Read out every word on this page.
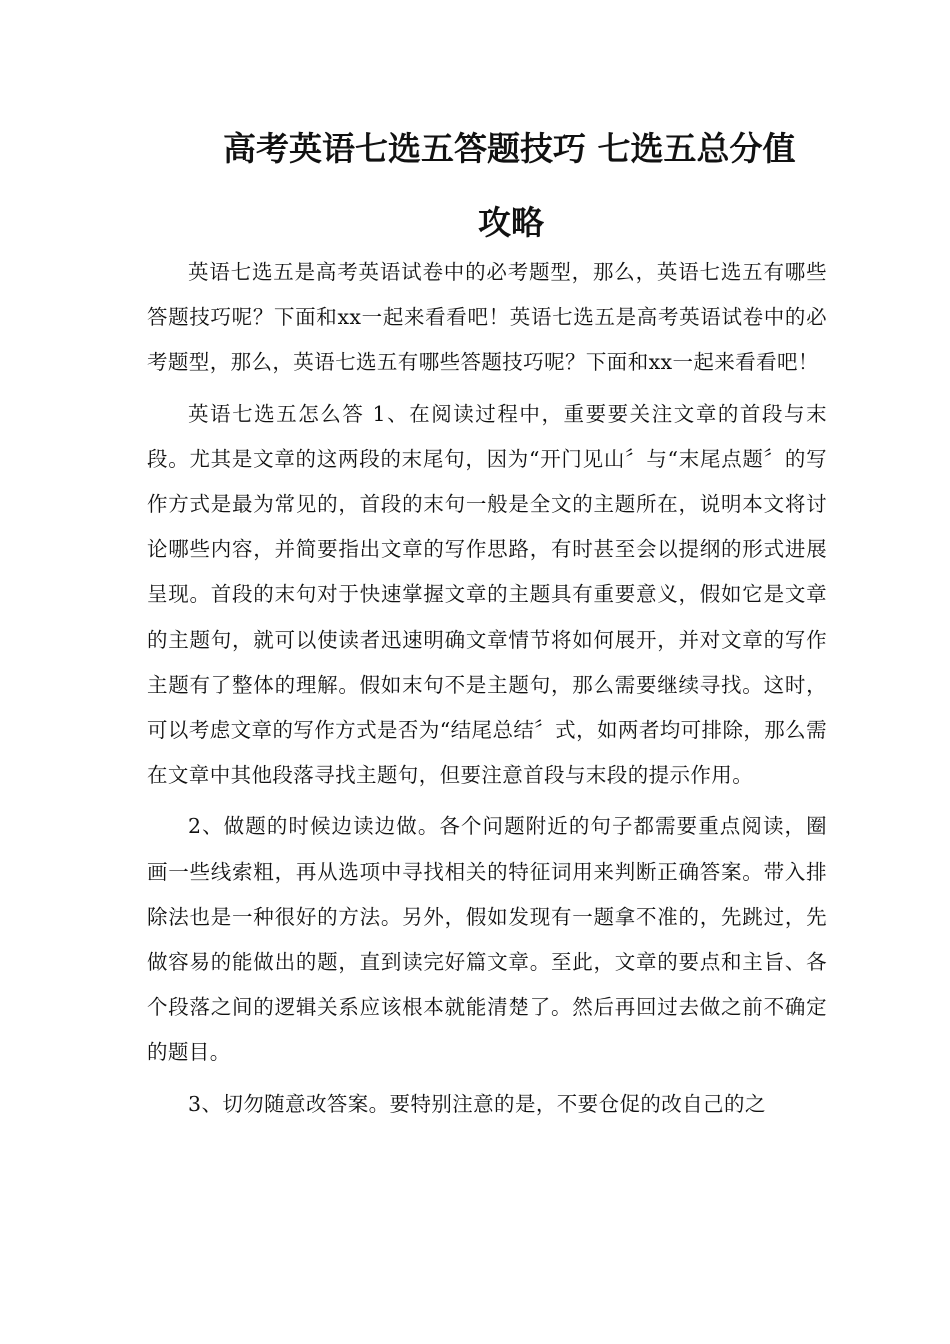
高考英语七选五答题技巧 七选五总分值
攻略

英语七选五是高考英语试卷中的必考题型，那么，英语七选五有哪些答题技巧呢？下面和xx一起来看看吧！英语七选五是高考英语试卷中的必考题型，那么，英语七选五有哪些答题技巧呢？下面和xx一起来看看吧！

英语七选五怎么答 1、在阅读过程中，重要要关注文章的首段与末段。尤其是文章的这两段的末尾句，因为“开门见山〞与“末尾点题〞的写作方式是最为常见的，首段的末句一般是全文的主题所在，说明本文将讨论哪些内容，并简要指出文章的写作思路，有时甚至会以提纲的形式进展呈现。首段的末句对于快速掌握文章的主题具有重要意义，假如它是文章的主题句，就可以使读者迅速明确文章情节将如何展开，并对文章的写作主题有了整体的理解。假如末句不是主题句，那么需要继续寻找。这时，可以考虑文章的写作方式是否为“结尾总结〞式，如两者均可排除，那么需在文章中其他段落寻找主题句，但要注意首段与末段的提示作用。

2、做题的时候边读边做。各个问题附近的句子都需要重点阅读，圈画一些线索粗，再从选项中寻找相关的特征词用来判断正确答案。带入排除法也是一种很好的方法。另外，假如发现有一题拿不准的，先跳过，先做容易的能做出的题，直到读完好篇文章。至此，文章的要点和主旨、各个段落之间的逻辑关系应该根本就能清楚了。然后再回过去做之前不确定的题目。

3、切勿随意改答案。要特别注意的是，不要仓促的改自己的之
